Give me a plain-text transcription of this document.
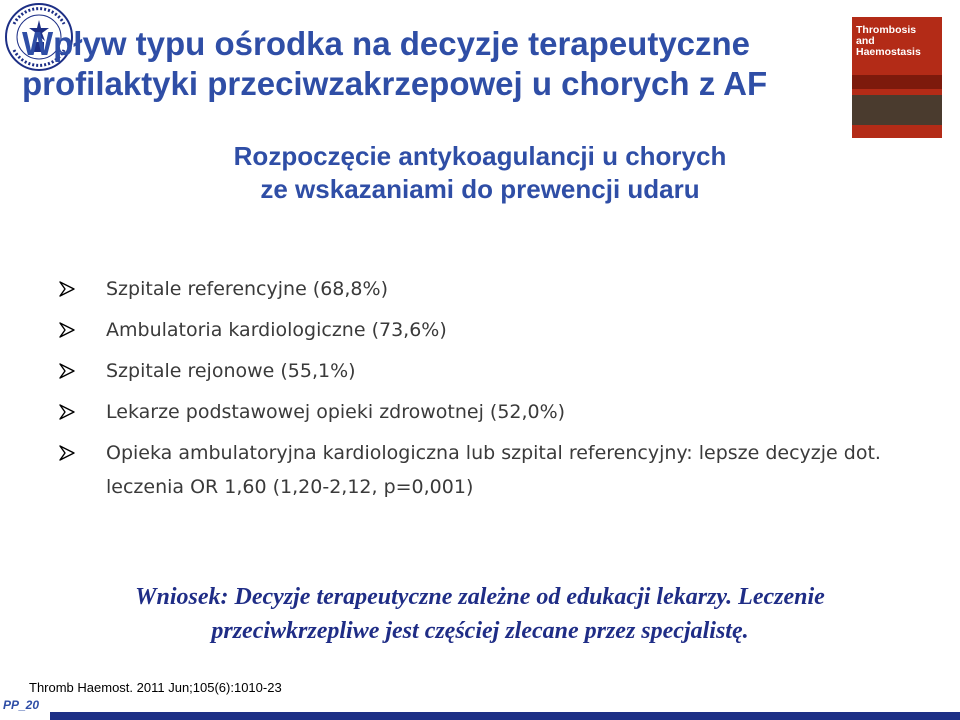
Wpływ typu ośrodka na decyzje terapeutyczne
profilaktyki przeciwzakrzepowej u chorych z AF
Thrombosis
and
Haemostasis
Rozpoczęcie antykoagulancji u chorych
ze wskazaniami do prewencji udaru
Szpitale referencyjne (68,8%)
Ambulatoria kardiologiczne (73,6%)
Szpitale rejonowe (55,1%)
Lekarze podstawowej opieki zdrowotnej (52,0%)
Opieka ambulatoryjna kardiologiczna lub szpital referencyjny: lepsze decyzje dot. leczenia OR 1,60 (1,20-2,12, p=0,001)
Wniosek: Decyzje terapeutyczne zależne od edukacji lekarzy. Leczenie
przeciwkrzepliwe jest częściej zlecane przez specjalistę.
Thromb Haemost. 2011 Jun;105(6):1010-23
PP_20
